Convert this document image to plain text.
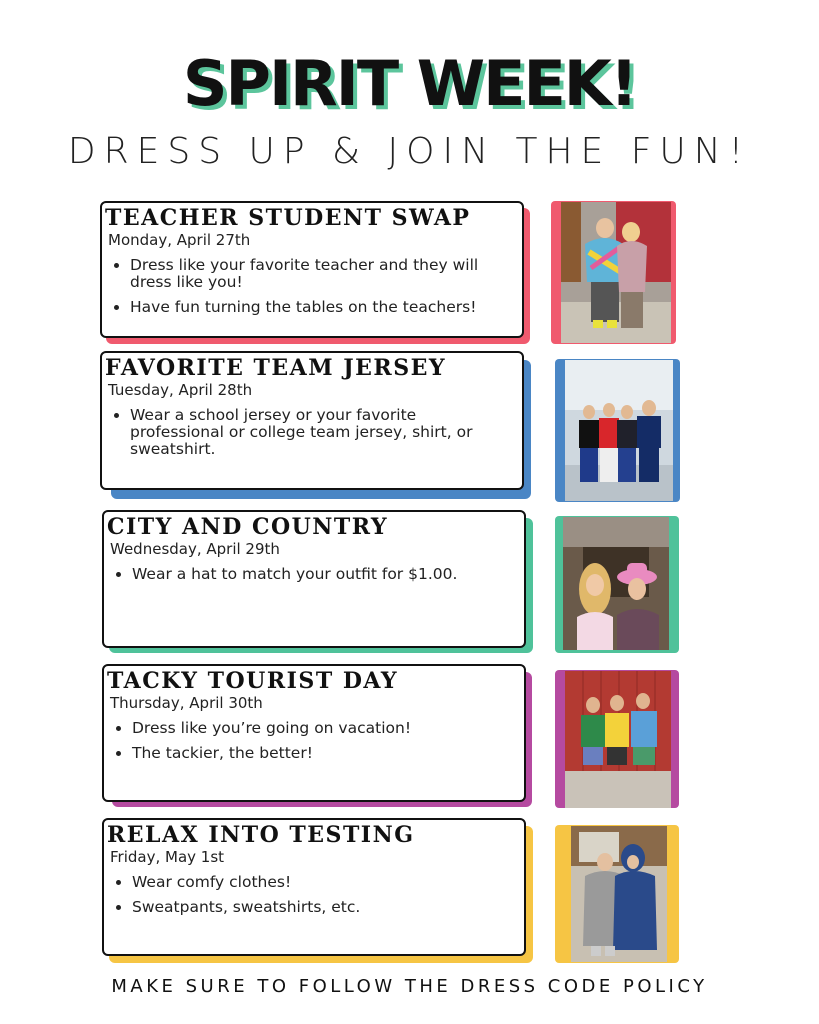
SPIRIT WEEK!
DRESS UP & JOIN THE FUN!
TEACHER STUDENT SWAP
Monday, April 27th
• Dress like your favorite teacher and they will dress like you!
• Have fun turning the tables on the teachers!
FAVORITE TEAM JERSEY
Tuesday, April 28th
• Wear a school jersey or your favorite professional or college team jersey, shirt, or sweatshirt.
CITY AND COUNTRY
Wednesday, April 29th
• Wear a hat to match your outfit for $1.00.
TACKY TOURIST DAY
Thursday, April 30th
• Dress like you’re going on vacation!
• The tackier, the better!
RELAX INTO TESTING
Friday, May 1st
• Wear comfy clothes!
• Sweatpants, sweatshirts, etc.
MAKE SURE TO FOLLOW THE DRESS CODE POLICY
